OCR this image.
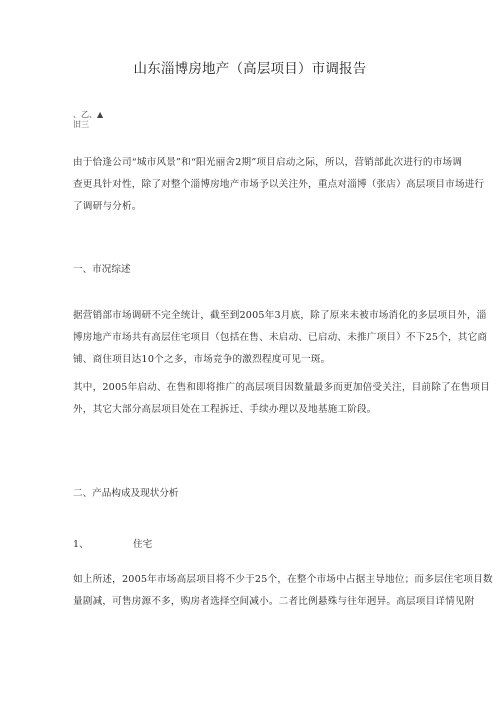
山东淄博房地产（高层项目）市调报告
、乙、▲
旧三
由于恰逢公司“城市风景”和“阳光丽舍2期”项目启动之际，所以，营销部此次进行的市场调
查更具针对性，除了对整个淄博房地产市场予以关注外，重点对淄博（张店）高层项目市场进行
了调研与分析。
一、市况综述
据营销部市场调研不完全统计，截至到2005年3月底，除了原来未被市场消化的多层项目外，淄
博房地产市场共有高层住宅项目（包括在售、未启动、已启动、未推广项目）不下25个，其它商
铺、商住项目达10个之多，市场竞争的激烈程度可见一斑。
其中，2005年启动、在售和即将推广的高层项目因数量最多而更加倍受关注，目前除了在售项目
外，其它大部分高层项目处在工程拆迁、手续办理以及地基施工阶段。
二、产品构成及现状分析
1、	住宅
如上所述，2005年市场高层项目将不少于25个，在整个市场中占据主导地位；而多层住宅项目数
量剧减，可售房源不多，购房者选择空间减小。二者比例悬殊与往年迥异。高层项目详情见附
